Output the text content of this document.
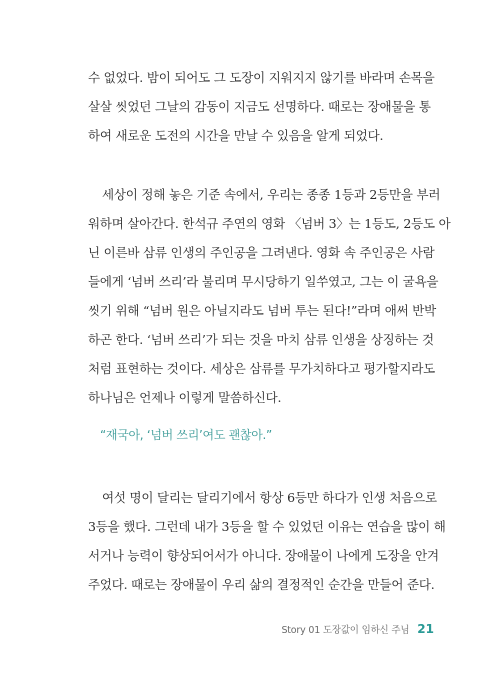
수 없었다. 밤이 되어도 그 도장이 지워지지 않기를 바라며 손목을
살살 씻었던 그날의 감동이 지금도 선명하다. 때로는 장애물을 통
하여 새로운 도전의 시간을 만날 수 있음을 알게 되었다.
세상이 정해 놓은 기준 속에서, 우리는 종종 1등과 2등만을 부러
워하며 살아간다. 한석규 주연의 영화 〈넘버 3〉는 1등도, 2등도 아
닌 이른바 삼류 인생의 주인공을 그려낸다. 영화 속 주인공은 사람
들에게 ‘넘버 쓰리’라 불리며 무시당하기 일쑤였고, 그는 이 굴욕을
씻기 위해 “넘버 원은 아닐지라도 넘버 투는 된다!”라며 애써 반박
하곤 한다. ‘넘버 쓰리’가 되는 것을 마치 삼류 인생을 상징하는 것
처럼 표현하는 것이다. 세상은 삼류를 무가치하다고 평가할지라도
하나님은 언제나 이렇게 말씀하신다.
“재국아, ‘넘버 쓰리’여도 괜찮아.”
여섯 명이 달리는 달리기에서 항상 6등만 하다가 인생 처음으로
3등을 했다. 그런데 내가 3등을 할 수 있었던 이유는 연습을 많이 해
서거나 능력이 향상되어서가 아니다. 장애물이 나에게 도장을 안겨
주었다. 때로는 장애물이 우리 삶의 결정적인 순간을 만들어 준다.
Story 01 도장값이 임하신 주님 21
